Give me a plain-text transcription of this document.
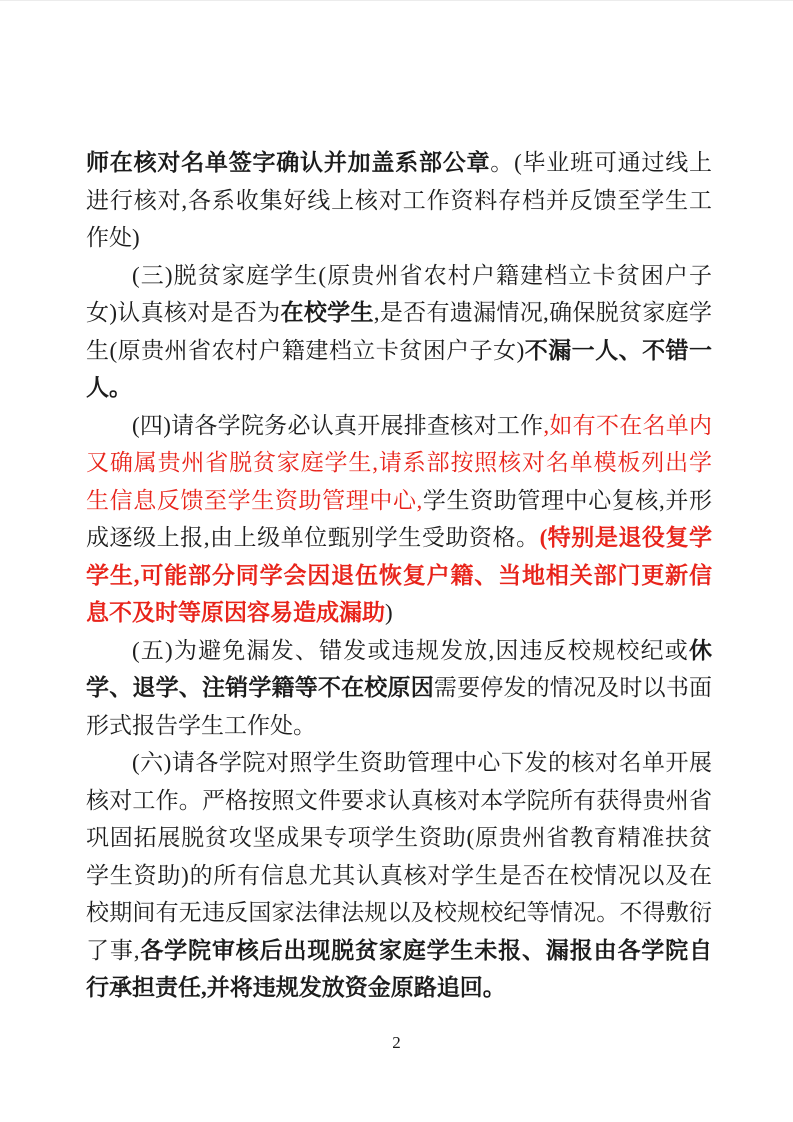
师在核对名单签字确认并加盖系部公章。(毕业班可通过线上进行核对,各系收集好线上核对工作资料存档并反馈至学生工作处)

(三)脱贫家庭学生(原贵州省农村户籍建档立卡贫困户子女)认真核对是否为在校学生,是否有遗漏情况,确保脱贫家庭学生(原贵州省农村户籍建档立卡贫困户子女)不漏一人、不错一人。

(四)请各学院务必认真开展排查核对工作,如有不在名单内又确属贵州省脱贫家庭学生,请系部按照核对名单模板列出学生信息反馈至学生资助管理中心,学生资助管理中心复核,并形成逐级上报,由上级单位甄别学生受助资格。(特别是退役复学学生,可能部分同学会因退伍恢复户籍、当地相关部门更新信息不及时等原因容易造成漏助)

(五)为避免漏发、错发或违规发放,因违反校规校纪或休学、退学、注销学籍等不在校原因需要停发的情况及时以书面形式报告学生工作处。

(六)请各学院对照学生资助管理中心下发的核对名单开展核对工作。严格按照文件要求认真核对本学院所有获得贵州省巩固拓展脱贫攻坚成果专项学生资助(原贵州省教育精准扶贫学生资助)的所有信息尤其认真核对学生是否在校情况以及在校期间有无违反国家法律法规以及校规校纪等情况。不得敷衍了事,各学院审核后出现脱贫家庭学生未报、漏报由各学院自行承担责任,并将违规发放资金原路追回。

2
